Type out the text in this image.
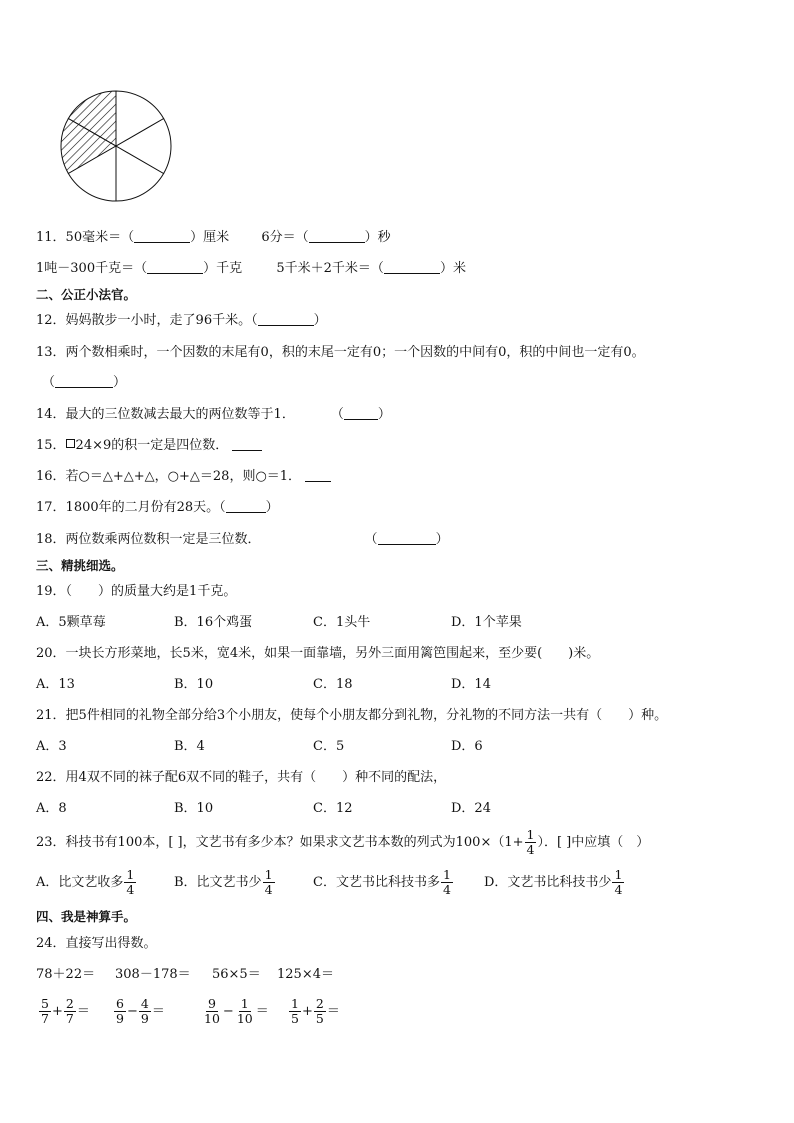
11．50毫米＝（	）厘米 6分＝（	）秒
1吨－300千克＝（	）千克	5千米＋2千米＝（	）米
二、公正小法官。
12．妈妈散步一小时，走了96千米。（	）
13．两个数相乘时，一个因数的末尾有0，积的末尾一定有0；一个因数的中间有0，积的中间也一定有0。
（	）
14．最大的三位数减去最大的两位数等于1．	（	）
15． 24×9的积一定是四位数．
16．若○＝△+△+△，○+△＝28，则○＝1．
17．1800年的二月份有28天。（	）
18．两位数乘两位数积一定是三位数．	（	）
三、精挑细选。
19．（　　）的质量大约是1千克。
A．5颗草莓	B．16个鸡蛋	C．1头牛	D．1个苹果
20．一块长方形菜地，长5米，宽4米，如果一面靠墙，另外三面用篱笆围起来，至少要(　　)米。
A．13	B．10	C．18	D．14
21．把5件相同的礼物全部分给3个小朋友，使每个小朋友都分到礼物，分礼物的不同方法一共有（　　）种。
A．3	B．4	C．5	D．6
22．用4双不同的袜子配6双不同的鞋子，共有（　　）种不同的配法，
A．8	B．10	C．12	D．24
23．科技书有100本，[ ]，文艺书有多少本？如果求文艺书本数的列式为$100\times(1+ \frac{1}{4}$ ）．[ ]中应填（　）
A．比文艺收多 $\frac{1}{4}$	B．比文艺书少 $\frac{1}{4}$	C．文艺书比科技书多 $\frac{1}{4}$ D．文艺书比科技书少 $\frac{1}{4}$
四、我是神算手。
24．直接写出得数。
78＋22＝ 308－178＝ 56×5＝ 125×4＝
$\frac{5}{7} + \frac{2}{7} = \frac{6}{9} - \frac{4}{9}$ ＝	$\frac{9}{10} - \frac{1}{10} = \frac{1}{5} + \frac{2}{5}$ ＝
